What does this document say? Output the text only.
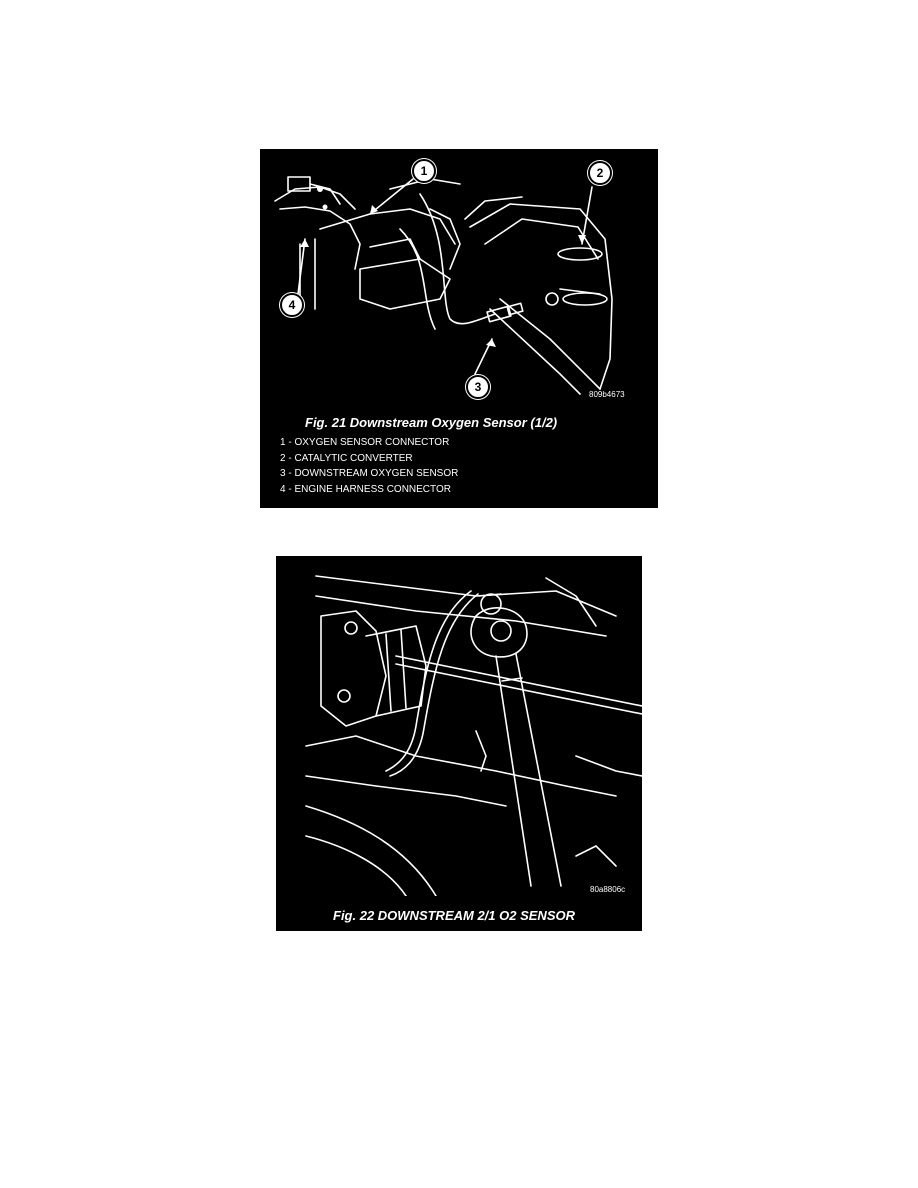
1	2
3
4
809b4673
Fig. 21 Downstream Oxygen Sensor (1/2)
1 - OXYGEN SENSOR CONNECTOR
2 - CATALYTIC CONVERTER
3 - DOWNSTREAM OXYGEN SENSOR
4 - ENGINE HARNESS CONNECTOR
80a8806c
Fig. 22 DOWNSTREAM 2/1 O2 SENSOR
